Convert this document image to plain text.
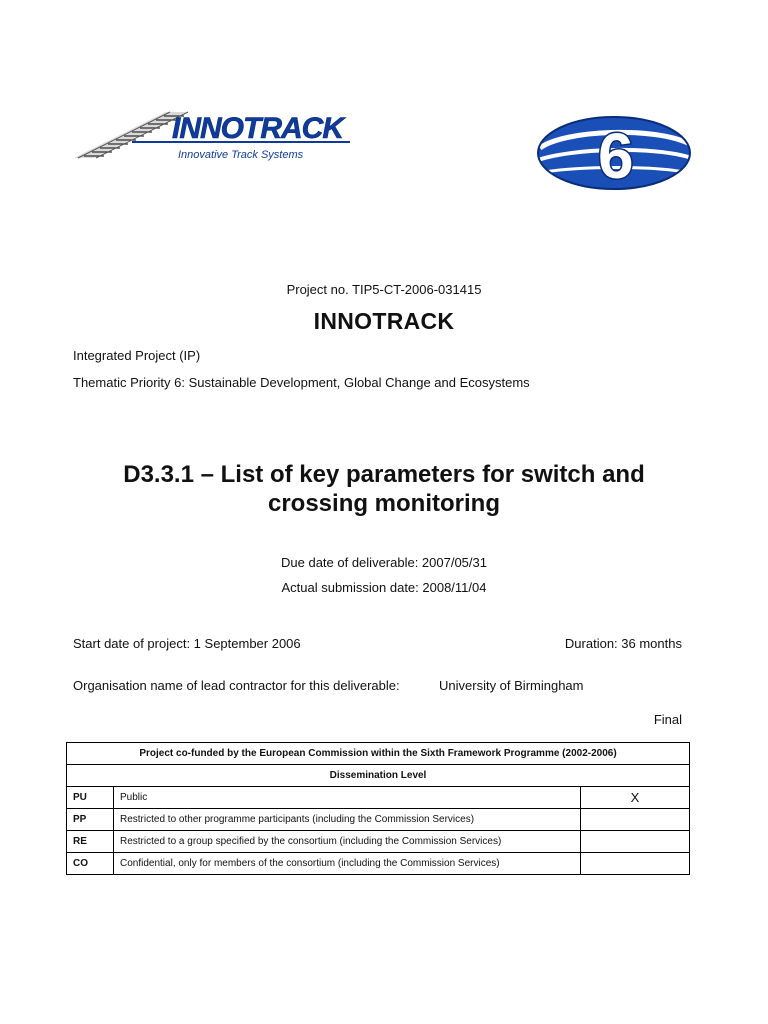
INNOTRACK
Innovative Track Systems	6
Project no. TIP5-CT-2006-031415
INNOTRACK
Integrated Project (IP)
Thematic Priority 6: Sustainable Development, Global Change and Ecosystems
D3.3.1 – List of key parameters for switch and
crossing monitoring
Due date of deliverable: 2007/05/31
Actual submission date: 2008/11/04
Start date of project: 1 September 2006	Duration: 36 months
Organisation name of lead contractor for this deliverable:	University of Birmingham
Final
Project co-funded by the European Commission within the Sixth Framework Programme (2002-2006)		
Dissemination Level		
PU	Public	X
PP	Restricted to other programme participants (including the Commission Services)	
RE	Restricted to a group specified by the consortium (including the Commission Services)	
CO	Confidential, only for members of the consortium (including the Commission Services)	
